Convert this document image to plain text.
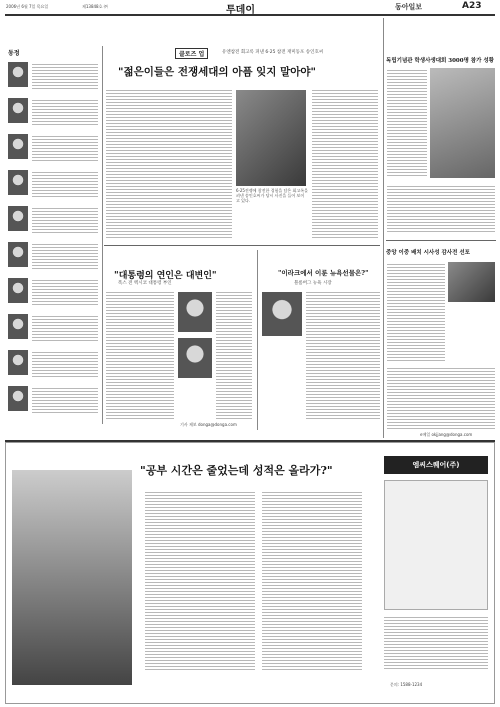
2006년 6월 7일 목요일	제13848호 ㈜	투데이	동아일보	A23
동정	클로즈 업	유엔참전 회고록 펴낸 6·25 참전 재미동포 송인호씨
"젊은이들은 전쟁세대의 아픔 잊지 말아야"
6·25전쟁에 참전한 경험을 담은 회고록을 펴낸 송인호씨가 당시 사진을 들어 보이고 있다.
독립기념관 학생사생대회 3000명 참가 성황
"대통령의 연인은 대변인"
폭스 전 멕시코 대통령 부인
기사 제보 donga@donga.com
"이라크에서 이룬 뉴욕선물은?"
블룸버그 뉴욕 시장
중앙 이중 배치 시사성 감사전 선포
e메일 okjjang@donga.com
"공부 시간은 줄었는데 성적은 올라가?"	엠씨스퀘어(주)
문의: 1588-1234
